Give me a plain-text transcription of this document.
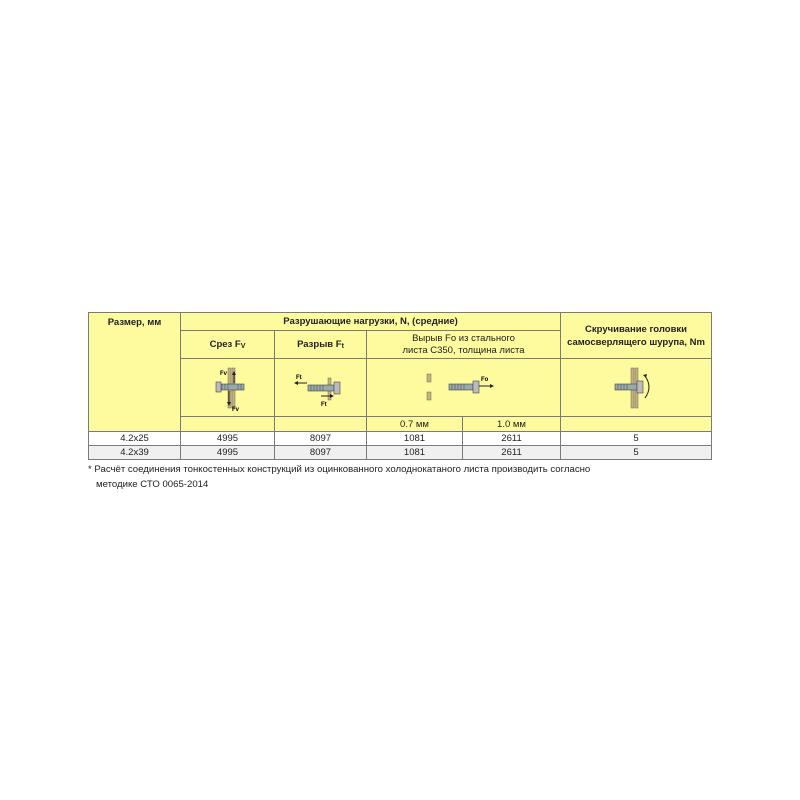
Размер, мм	Разрушающие нагрузки, N, (средние)				Скручивание головки самосверлящего шурупа, Nm
	Срез $F_V$	Разрыв $F_t$	Вырыв Fo из стального
листа С350, толщина листа		

Fv
Fv	Ft
Ft	Fo

			0.7 мм	1.0 мм	
4.2x25	4995	8097	1081	2611	5
4.2x39	4995	8097	1081	2611	5
* Расчёт соединения тонкостенных конструкций из оцинкованного холоднокатаного листа производить согласно
методике СТО 0065-2014
